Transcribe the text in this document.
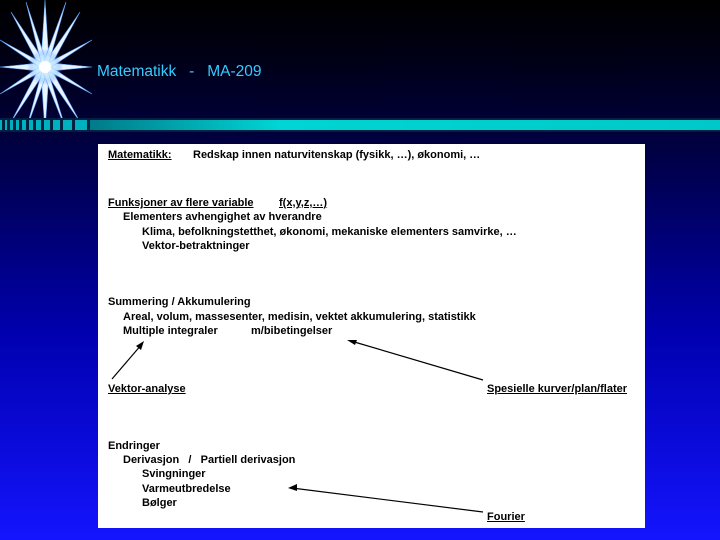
Matematikk   -   MA-209
Matematikk: Redskap innen naturvitenskap (fysikk, …), økonomi, …
Funksjoner av flere variable f(x,y,z,…)
Elementers avhengighet av hverandre
Klima, befolkningstetthet, økonomi, mekaniske elementers samvirke, …
Vektor-betraktninger
Summering / Akkumulering
Areal, volum, massesenter, medisin, vektet akkumulering, statistikk
Multiple integraler	m/bibetingelser
Vektor-analyse	Spesielle kurver/plan/flater
Endringer
Derivasjon   /   Partiell derivasjon
Svingninger
Varmeutbredelse
Bølger
Fourier
